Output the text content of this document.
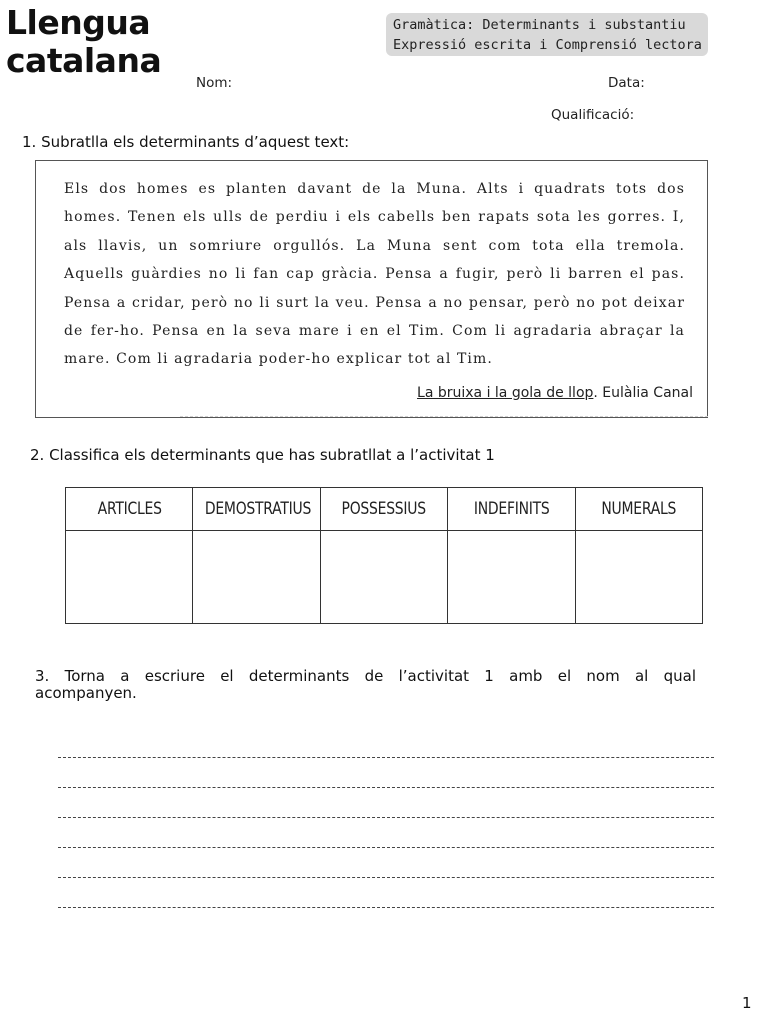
Llengua
catalana
Gramàtica: Determinants i substantiu
Expressió escrita i Comprensió lectora
Nom:	Data:
Qualificació:
1. Subratlla els determinants d’aquest text:
Els dos homes es planten davant de la Muna. Alts i quadrats tots dos homes. Tenen els ulls de perdiu i els cabells ben rapats sota les gorres. I, als llavis, un somriure orgullós. La Muna sent com tota ella tremola. Aquells guàrdies no li fan cap gràcia. Pensa a fugir, però li barren el pas. Pensa a cridar, però no li surt la veu. Pensa a no pensar, però no pot deixar de fer-ho. Pensa en la seva mare i en el Tim. Com li agradaria abraçar la mare. Com li agradaria poder-ho explicar tot al Tim.
La bruixa i la gola de llop. Eulàlia Canal
2. Classifica els determinants que has subratllat a l’activitat 1
ARTICLES	DEMOSTRATIUS	POSSESSIUS	INDEFINITS	NUMERALS

3. Torna a escriure el determinants de l’activitat 1 amb el nom al qual acompanyen.
1
